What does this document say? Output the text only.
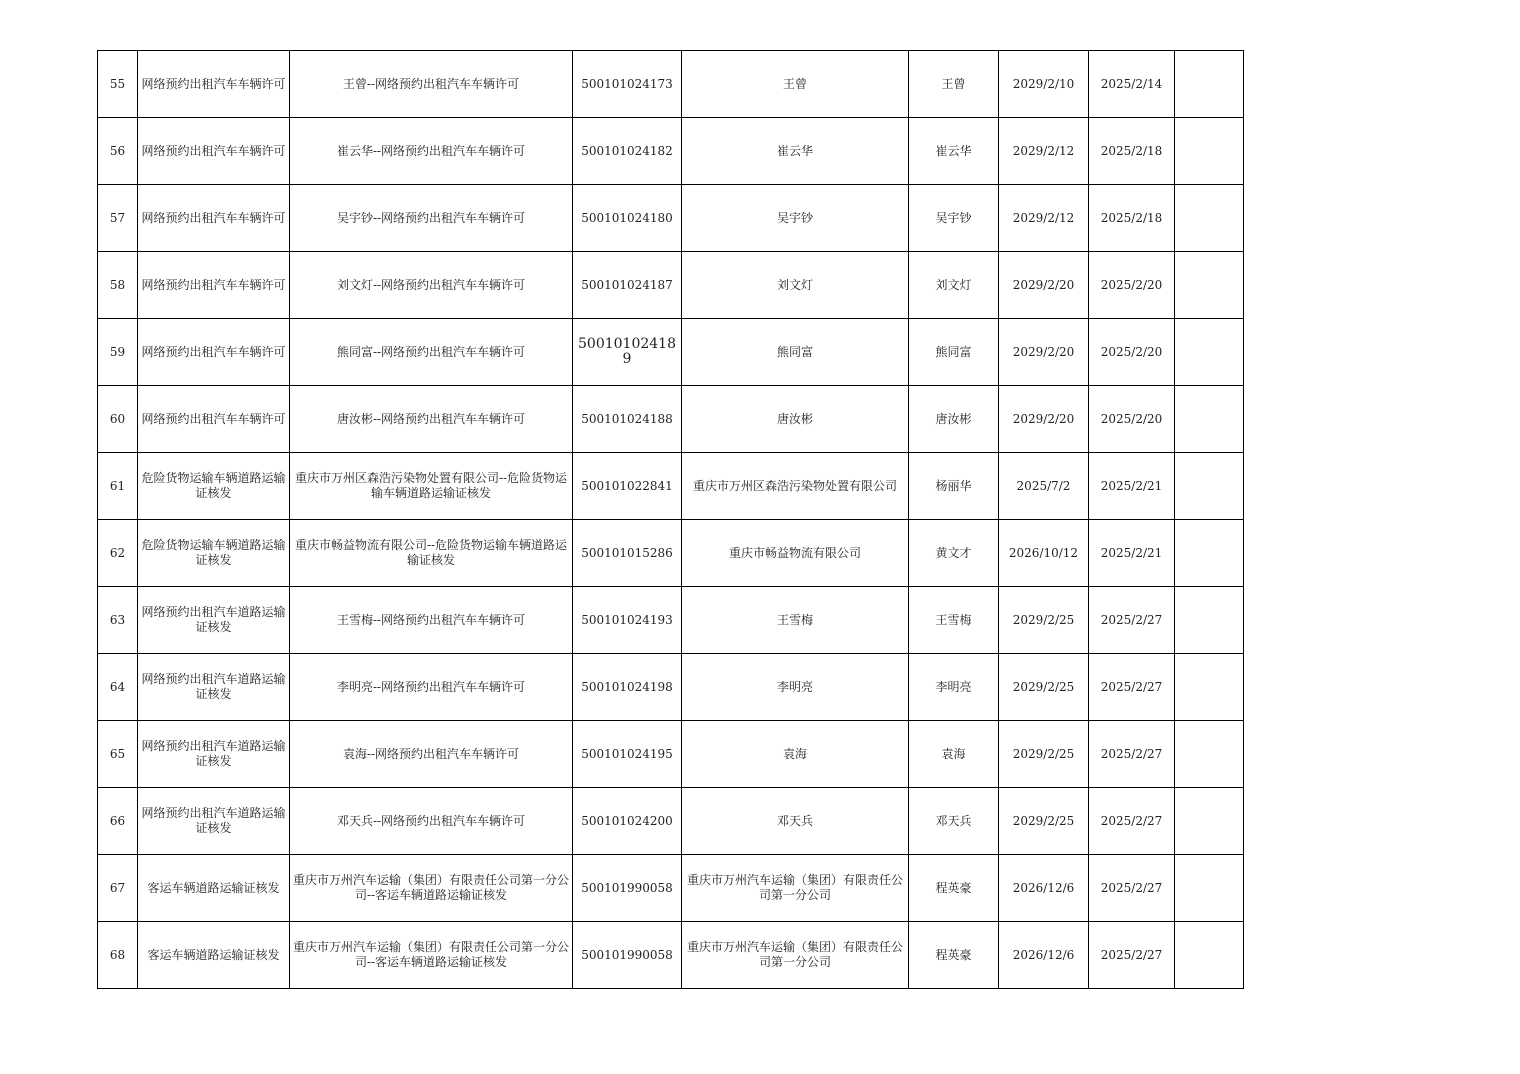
55	网络预约出租汽车车辆许可	王曾--网络预约出租汽车车辆许可	500101024173	王曾	王曾	2029/2/10	2025/2/14	
56	网络预约出租汽车车辆许可	崔云华--网络预约出租汽车车辆许可	500101024182	崔云华	崔云华	2029/2/12	2025/2/18	
57	网络预约出租汽车车辆许可	吴宇钞--网络预约出租汽车车辆许可	500101024180	吴宇钞	吴宇钞	2029/2/12	2025/2/18	
58	网络预约出租汽车车辆许可	刘文灯--网络预约出租汽车车辆许可	500101024187	刘文灯	刘文灯	2029/2/20	2025/2/20	
59	网络预约出租汽车车辆许可	熊同富--网络预约出租汽车车辆许可	500101024189	熊同富	熊同富	2029/2/20	2025/2/20	
60	网络预约出租汽车车辆许可	唐汝彬--网络预约出租汽车车辆许可	500101024188	唐汝彬	唐汝彬	2029/2/20	2025/2/20	
61	危险货物运输车辆道路运输证核发	重庆市万州区森浩污染物处置有限公司--危险货物运输车辆道路运输证核发	500101022841	重庆市万州区森浩污染物处置有限公司	杨丽华	2025/7/2	2025/2/21	
62	危险货物运输车辆道路运输证核发	重庆市畅益物流有限公司--危险货物运输车辆道路运输证核发	500101015286	重庆市畅益物流有限公司	黄文才	2026/10/12	2025/2/21	
63	网络预约出租汽车道路运输证核发	王雪梅--网络预约出租汽车车辆许可	500101024193	王雪梅	王雪梅	2029/2/25	2025/2/27	
64	网络预约出租汽车道路运输证核发	李明亮--网络预约出租汽车车辆许可	500101024198	李明亮	李明亮	2029/2/25	2025/2/27	
65	网络预约出租汽车道路运输证核发	袁海--网络预约出租汽车车辆许可	500101024195	袁海	袁海	2029/2/25	2025/2/27	
66	网络预约出租汽车道路运输证核发	邓天兵--网络预约出租汽车车辆许可	500101024200	邓天兵	邓天兵	2029/2/25	2025/2/27	
67	客运车辆道路运输证核发	重庆市万州汽车运输（集团）有限责任公司第一分公司--客运车辆道路运输证核发	500101990058	重庆市万州汽车运输（集团）有限责任公司第一分公司	程英豪	2026/12/6	2025/2/27	
68	客运车辆道路运输证核发	重庆市万州汽车运输（集团）有限责任公司第一分公司--客运车辆道路运输证核发	500101990058	重庆市万州汽车运输（集团）有限责任公司第一分公司	程英豪	2026/12/6	2025/2/27	
